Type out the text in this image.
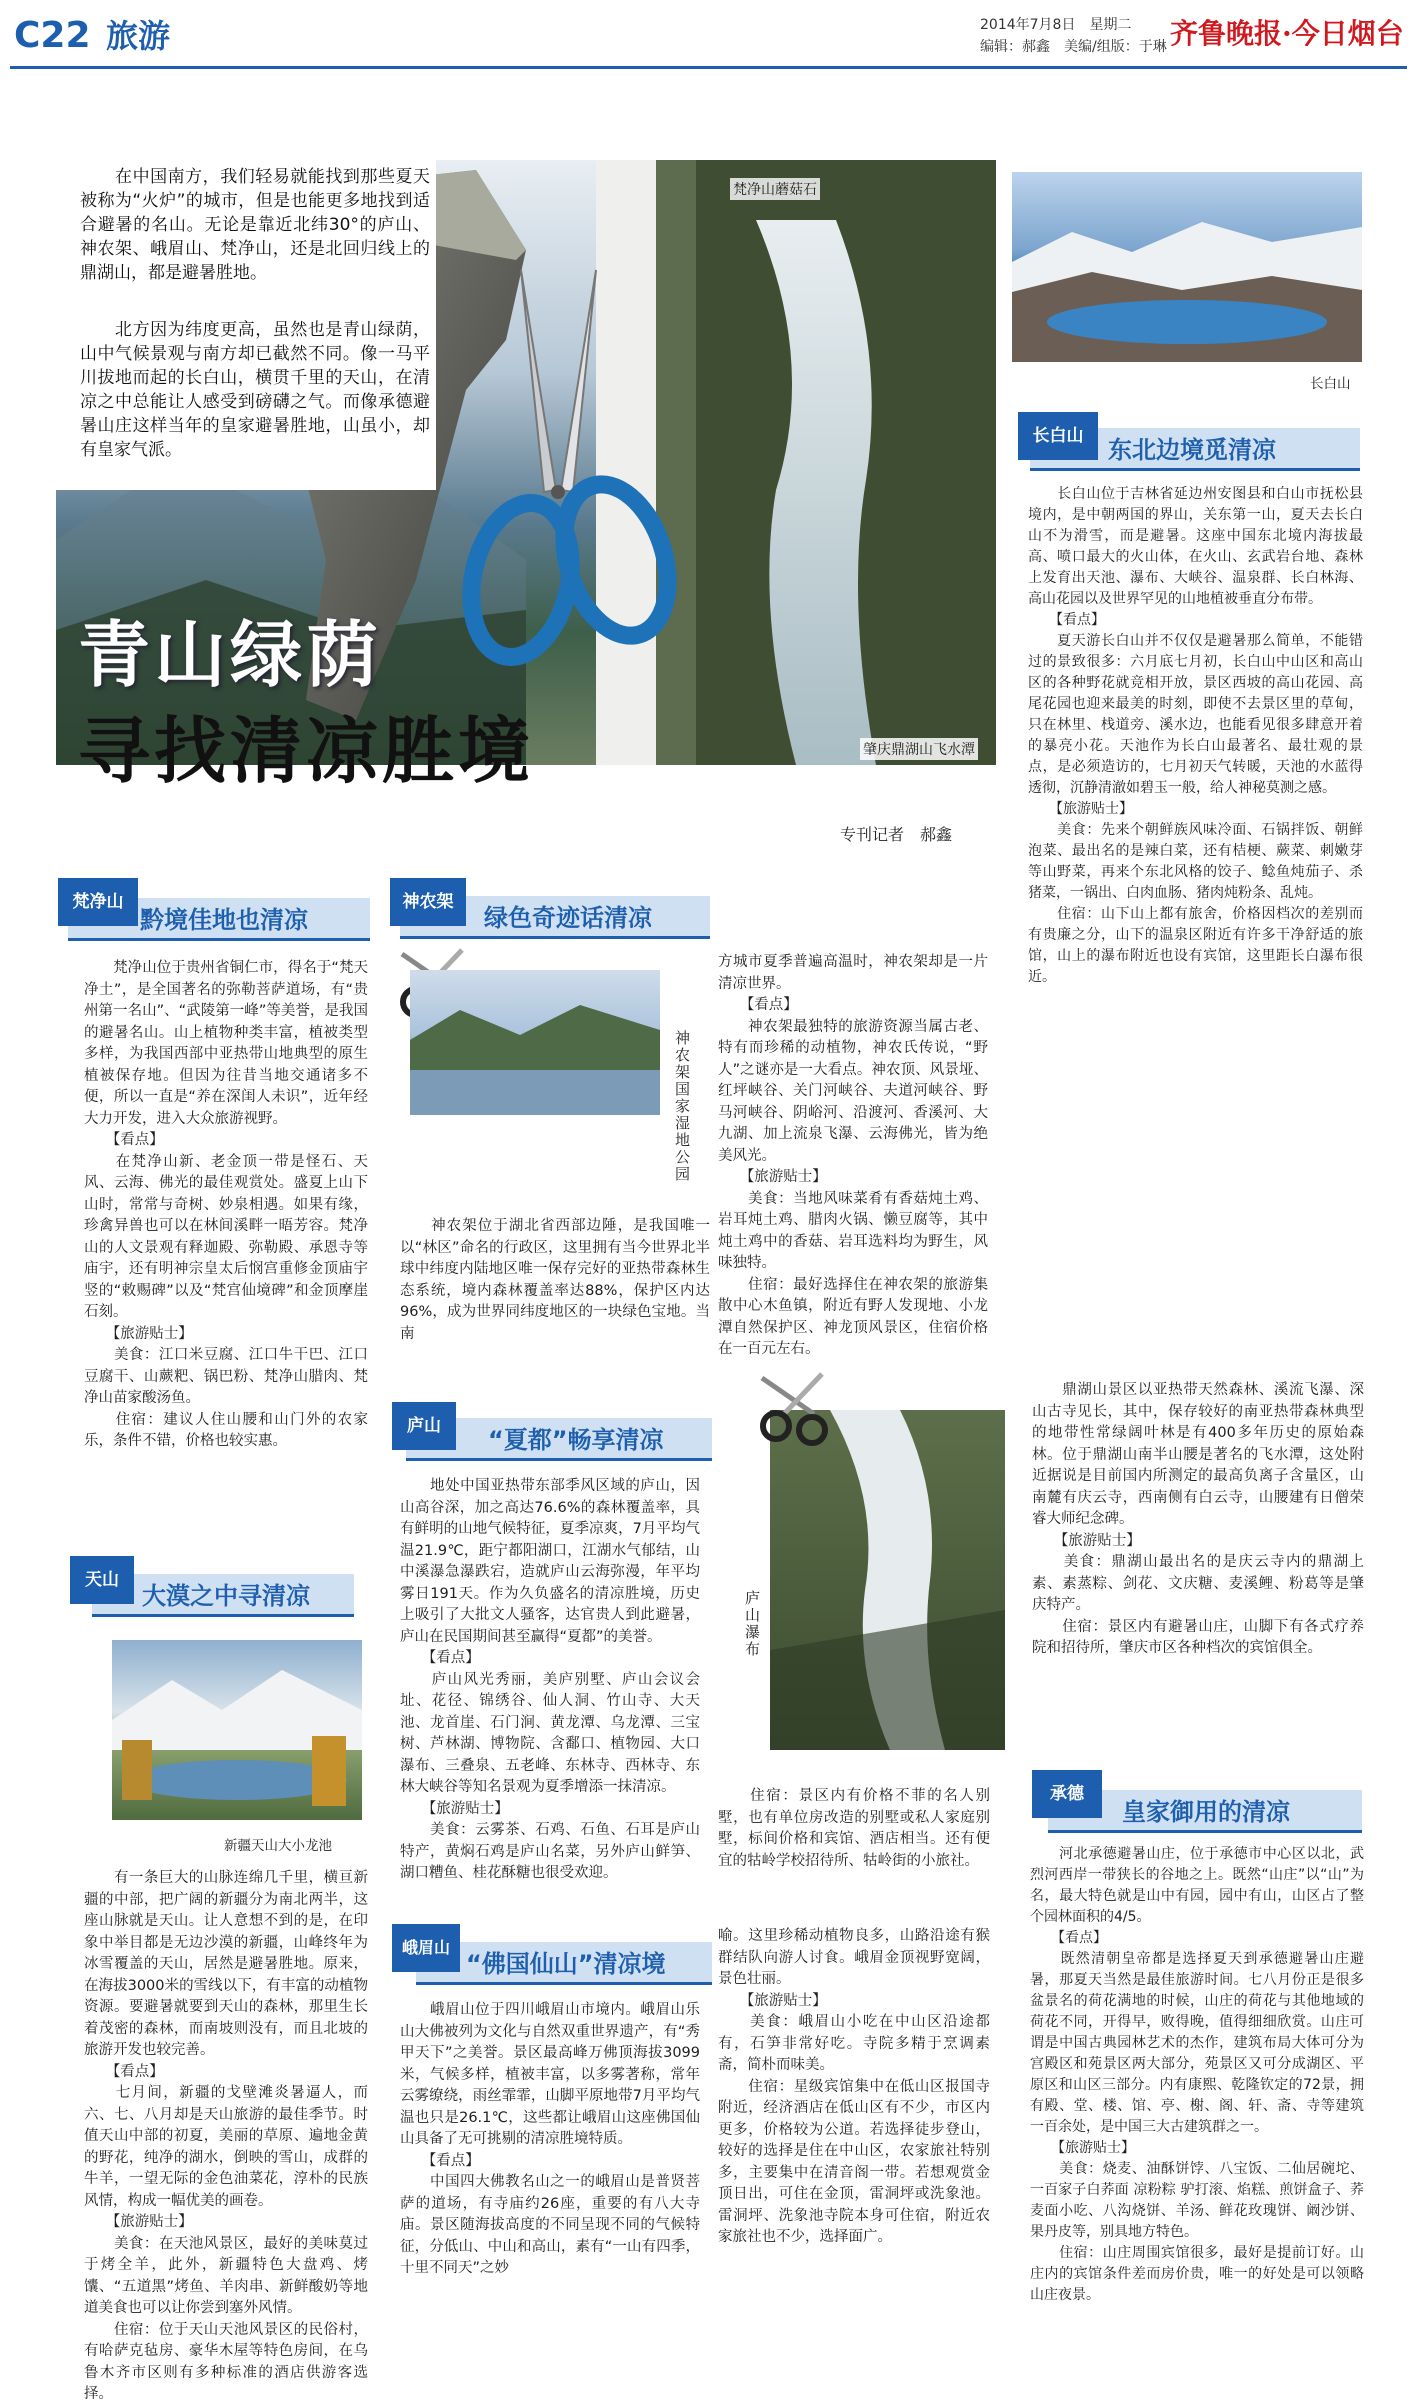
C22 旅游	2014年7月8日　星期二
编辑：郝鑫　美编/组版：于琳 齐鲁晚报·今日烟台
梵净山蘑菇石
肇庆鼎湖山飞水潭
　　在中国南方，我们轻易就能找到那些夏天被称为“火炉”的城市，但是也能更多地找到适合避暑的名山。无论是靠近北纬30°的庐山、神农架、峨眉山、梵净山，还是北回归线上的鼎湖山，都是避暑胜地。
　　北方因为纬度更高，虽然也是青山绿荫，山中气候景观与南方却已截然不同。像一马平川拔地而起的长白山，横贯千里的天山，在清凉之中总能让人感受到磅礴之气。而像承德避暑山庄这样当年的皇家避暑胜地，山虽小，却有皇家气派。
青山绿荫
寻找清凉胜境
专刊记者　郝鑫
长白山
长白山	东北边境觅清凉
　　长白山位于吉林省延边州安图县和白山市抚松县境内，是中朝两国的界山，关东第一山，夏天去长白山不为滑雪，而是避暑。这座中国东北境内海拔最高、喷口最大的火山体，在火山、玄武岩台地、森林上发育出天池、瀑布、大峡谷、温泉群、长白林海、高山花园以及世界罕见的山地植被垂直分布带。
　　【看点】
　　夏天游长白山并不仅仅是避暑那么简单，不能错过的景致很多：六月底七月初，长白山中山区和高山区的各种野花就竞相开放，景区西坡的高山花园、高尾花园也迎来最美的时刻，即使不去景区里的草甸，只在林里、栈道旁、溪水边，也能看见很多肆意开着的暴亮小花。天池作为长白山最著名、最壮观的景点，是必须造访的，七月初天气转暖，天池的水蓝得透彻，沉静清澈如碧玉一般，给人神秘莫测之感。
　　【旅游贴士】
　　美食：先来个朝鲜族风味冷面、石锅拌饭、朝鲜泡菜、最出名的是辣白菜，还有桔梗、蕨菜、刺嫩芽等山野菜，再来个东北风格的饺子、鲶鱼炖茄子、杀猪菜，一锅出、白肉血肠、猪肉炖粉条、乱炖。
　　住宿：山下山上都有旅舍，价格因档次的差别而有贵廉之分，山下的温泉区附近有许多干净舒适的旅馆，山上的瀑布附近也设有宾馆，这里距长白瀑布很近。
梵净山
黔境佳地也清凉
　　梵净山位于贵州省铜仁市，得名于“梵天净土”，是全国著名的弥勒菩萨道场，有“贵州第一名山”、“武陵第一峰”等美誉，是我国的避暑名山。山上植物种类丰富，植被类型多样，为我国西部中亚热带山地典型的原生植被保存地。但因为往昔当地交通诸多不便，所以一直是“养在深闺人未识”，近年经大力开发，进入大众旅游视野。
　　【看点】
　　在梵净山新、老金顶一带是怪石、天风、云海、佛光的最佳观赏处。盛夏上山下山时，常常与奇树、妙泉相遇。如果有缘，珍禽异兽也可以在林间溪畔一晤芳容。梵净山的人文景观有释迦殿、弥勒殿、承恩寺等庙宇，还有明神宗皇太后悯宫重修金顶庙宇竖的“敕赐碑”以及“梵宫仙境碑”和金顶摩崖石刻。
　　【旅游贴士】
　　美食：江口米豆腐、江口牛干巴、江口豆腐干、山蕨粑、锅巴粉、梵净山腊肉、梵净山苗家酸汤鱼。
　　住宿：建议人住山腰和山门外的农家乐，条件不错，价格也较实惠。
天山
大漠之中寻清凉
新疆天山大小龙池
　　有一条巨大的山脉连绵几千里，横亘新疆的中部，把广阔的新疆分为南北两半，这座山脉就是天山。让人意想不到的是，在印象中举目都是无边沙漠的新疆，山峰终年为冰雪覆盖的天山，居然是避暑胜地。原来，在海拔3000米的雪线以下，有丰富的动植物资源。要避暑就要到天山的森林，那里生长着茂密的森林，而南坡则没有，而且北坡的旅游开发也较完善。
　　【看点】
　　七月间，新疆的戈壁滩炎暑逼人，而六、七、八月却是天山旅游的最佳季节。时值天山中部的初夏，美丽的草原、遍地金黄的野花，纯净的湖水，倒映的雪山，成群的牛羊，一望无际的金色油菜花，淳朴的民族风情，构成一幅优美的画卷。
　　【旅游贴士】
　　美食：在天池风景区，最好的美味莫过于烤全羊，此外，新疆特色大盘鸡、烤馕、“五道黑”烤鱼、羊肉串、新鲜酸奶等地道美食也可以让你尝到塞外风情。
　　住宿：位于天山天池风景区的民俗村，有哈萨克毡房、豪华木屋等特色房间，在乌鲁木齐市区则有多种标准的酒店供游客选择。
神农架
绿色奇迹话清凉
神农架国家湿地公园
　　神农架位于湖北省西部边陲，是我国唯一以“林区”命名的行政区，这里拥有当今世界北半球中纬度内陆地区唯一保存完好的亚热带森林生态系统，境内森林覆盖率达88%，保护区内达96%，成为世界同纬度地区的一块绿色宝地。当南
方城市夏季普遍高温时，神农架却是一片清凉世界。
　　【看点】
　　神农架最独特的旅游资源当属古老、特有而珍稀的动植物，神农氏传说，“野人”之谜亦是一大看点。神农顶、风景垭、红坪峡谷、关门河峡谷、夫道河峡谷、野马河峡谷、阴峪河、沿渡河、香溪河、大九湖、加上流泉飞瀑、云海佛光，皆为绝美风光。
　　【旅游贴士】
　　美食：当地风味菜肴有香菇炖土鸡、岩耳炖土鸡、腊肉火锅、懒豆腐等，其中炖土鸡中的香菇、岩耳选料均为野生，风味独特。
　　住宿：最好选择住在神农架的旅游集散中心木鱼镇，附近有野人发现地、小龙潭自然保护区、神龙顶风景区，住宿价格在一百元左右。
庐山	“夏都”畅享清凉
　　地处中国亚热带东部季风区域的庐山，因山高谷深，加之高达76.6%的森林覆盖率，具有鲜明的山地气候特征，夏季凉爽，7月平均气温21.9℃，距宁都阳湖口，江湖水气郁结，山中溪瀑急瀑跌宕，造就庐山云海弥漫，年平均雾日191天。作为久负盛名的清凉胜境，历史上吸引了大批文人骚客，达官贵人到此避暑，庐山在民国期间甚至赢得“夏都”的美誉。
　　【看点】
　　庐山风光秀丽，美庐别墅、庐山会议会址、花径、锦绣谷、仙人洞、竹山寺、大天池、龙首崖、石门涧、黄龙潭、乌龙潭、三宝树、芦林湖、博物院、含鄱口、植物园、大口瀑布、三叠泉、五老峰、东林寺、西林寺、东林大峡谷等知名景观为夏季增添一抹清凉。
　　【旅游贴士】
　　美食：云雾茶、石鸡、石鱼、石耳是庐山特产，黄焖石鸡是庐山名菜，另外庐山鲜笋、湖口糟鱼、桂花酥糖也很受欢迎。
庐山瀑布
　　住宿：景区内有价格不菲的名人别墅，也有单位房改造的别墅或私人家庭别墅，标间价格和宾馆、酒店相当。还有便宜的牯岭学校招待所、牯岭街的小旅社。
　　鼎湖山景区以亚热带天然森林、溪流飞瀑、深山古寺见长，其中，保存较好的南亚热带森林典型的地带性常绿阔叶林是有400多年历史的原始森林。位于鼎湖山南半山腰是著名的飞水潭，这处附近据说是目前国内所测定的最高负离子含量区，山南麓有庆云寺，西南侧有白云寺，山腰建有日僧荣睿大师纪念碑。
　　【旅游贴士】
　　美食：鼎湖山最出名的是庆云寺内的鼎湖上素、素蒸粽、剑花、文庆糖、麦溪鲤、粉葛等是肇庆特产。
　　住宿：景区内有避暑山庄，山脚下有各式疗养院和招待所，肇庆市区各种档次的宾馆俱全。
承德
皇家御用的清凉
　　河北承德避暑山庄，位于承德市中心区以北，武烈河西岸一带狭长的谷地之上。既然“山庄”以“山”为名，最大特色就是山中有园，园中有山，山区占了整个园林面积的4/5。
　　【看点】
　　既然清朝皇帝都是选择夏天到承德避暑山庄避暑，那夏天当然是最佳旅游时间。七八月份正是很多盆景名的荷花满地的时候，山庄的荷花与其他地域的荷花不同，开得早，败得晚，值得细细欣赏。山庄可谓是中国古典园林艺术的杰作，建筑布局大体可分为宫殿区和苑景区两大部分，苑景区又可分成湖区、平原区和山区三部分。内有康熙、乾隆钦定的72景，拥有殿、堂、楼、馆、亭、榭、阁、轩、斋、寺等建筑一百余处，是中国三大古建筑群之一。
　　【旅游贴士】
　　美食：烧麦、油酥饼饽、八宝饭、二仙居碗坨、一百家子白荞面 凉粉粽 驴打滚、焰糕、煎饼盒子、荞麦面小吃、八沟烧饼、羊汤、鲜花玫瑰饼、阚沙饼、果丹皮等，别具地方特色。
　　住宿：山庄周围宾馆很多，最好是提前订好。山庄内的宾馆条件差而房价贵，唯一的好处是可以领略山庄夜景。
峨眉山
“佛国仙山”清凉境
　　峨眉山位于四川峨眉山市境内。峨眉山乐山大佛被列为文化与自然双重世界遗产，有“秀甲天下”之美誉。景区最高峰万佛顶海拔3099米，气候多样，植被丰富，以多雾著称，常年云雾缭绕，雨丝霏霏，山脚平原地带7月平均气温也只是26.1℃，这些都让峨眉山这座佛国仙山具备了无可挑剔的清凉胜境特质。
　　【看点】
　　中国四大佛教名山之一的峨眉山是普贤菩萨的道场，有寺庙约26座，重要的有八大寺庙。景区随海拔高度的不同呈现不同的气候特征，分低山、中山和高山，素有“一山有四季，十里不同天”之妙
喻。这里珍稀动植物良多，山路沿途有猴群结队向游人讨食。峨眉金顶视野宽阔，景色壮丽。
　　【旅游贴士】
　　美食：峨眉山小吃在中山区沿途都有，石笋非常好吃。寺院多精于烹调素斋，简朴而味美。
　　住宿：星级宾馆集中在低山区报国寺附近，经济酒店在低山区有不少，市区内更多，价格较为公道。若选择徒步登山，较好的选择是住在中山区，农家旅社特别多，主要集中在清音阁一带。若想观赏金顶日出，可住在金顶，雷洞坪或洗象池。雷洞坪、洗象池寺院本身可住宿，附近农家旅社也不少，选择面广。
